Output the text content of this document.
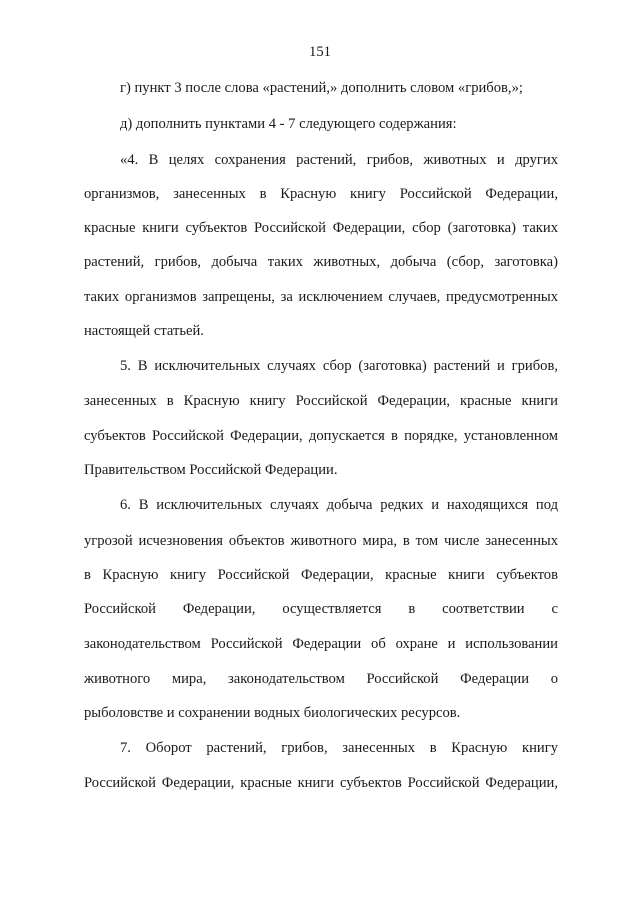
151
г) пункт 3 после слова «растений,» дополнить словом «грибов,»;
д) дополнить пунктами 4 - 7 следующего содержания:
«4. В целях сохранения растений, грибов, животных и других
организмов, занесенных в Красную книгу Российской Федерации,
красные книги субъектов Российской Федерации, сбор (заготовка) таких
растений, грибов, добыча таких животных, добыча (сбор, заготовка)
таких организмов запрещены, за исключением случаев, предусмотренных
настоящей статьей.
5. В исключительных случаях сбор (заготовка) растений и грибов,
занесенных в Красную книгу Российской Федерации, красные книги
субъектов Российской Федерации, допускается в порядке, установленном
Правительством Российской Федерации.
6. В исключительных случаях добыча редких и находящихся под
угрозой исчезновения объектов животного мира, в том числе занесенных
в Красную книгу Российской Федерации, красные книги субъектов
Российской Федерации, осуществляется в соответствии с
законодательством Российской Федерации об охране и использовании
животного мира, законодательством Российской Федерации о
рыболовстве и сохранении водных биологических ресурсов.
7. Оборот растений, грибов, занесенных в Красную книгу
Российской Федерации, красные книги субъектов Российской Федерации,
